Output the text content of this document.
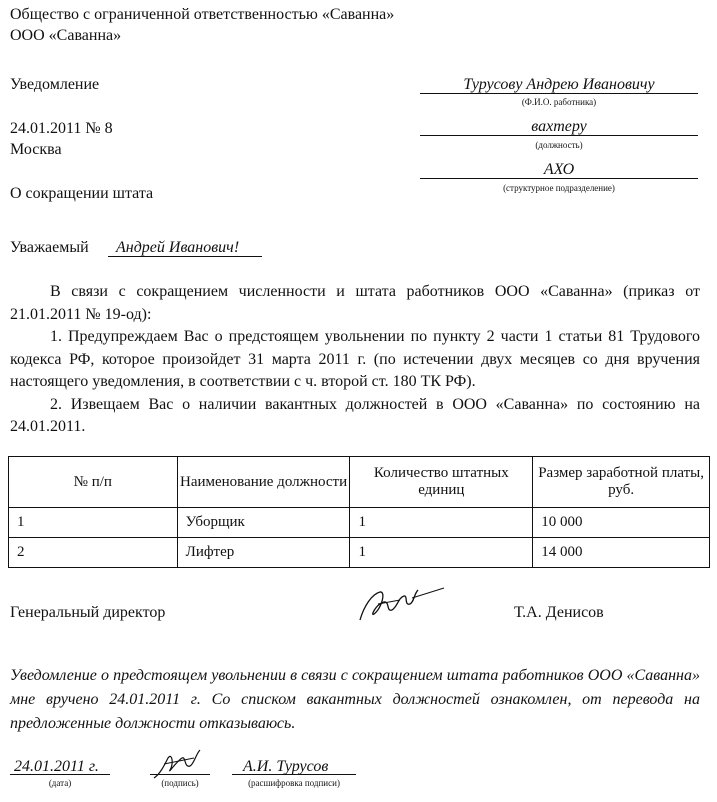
Общество с ограниченной ответственностью «Саванна»
ООО «Саванна»
Уведомление
24.01.2011 № 8
Москва
О сокращении штата
Турусову Андрею Ивановичу
(Ф.И.О. работника)
вахтеру
(должность)
АХО
(структурное подразделение)
Уважаемый Андрей Иванович!

В связи с сокращением численности и штата работников ООО «Саванна» (приказ от 21.01.2011 № 19-од):

1. Предупреждаем Вас о предстоящем увольнении по пункту 2 части 1 статьи 81 Трудового кодекса РФ, которое произойдет 31 марта 2011 г. (по истечении двух месяцев со дня вручения настоящего уведомления, в соответствии с ч. второй ст. 180 ТК РФ).

2. Извещаем Вас о наличии вакантных должностей в ООО «Саванна» по состоянию на 24.01.2011.

№ п/п	Наименование должности	Количество штатных единиц	Размер заработной платы, руб.
1	Уборщик	1	10 000
2	Лифтер	1	14 000
Генеральный директор	Т.А. Денисов

Уведомление о предстоящем увольнении в связи с сокращением штата работников ООО «Саванна» мне вручено 24.01.2011 г. Со списком вакантных должностей ознакомлен, от перевода на предложенные должности отказываюсь.

24.01.2011 г.
(дата)	(подпись)
А.И. Турусов
(расшифровка подписи)
